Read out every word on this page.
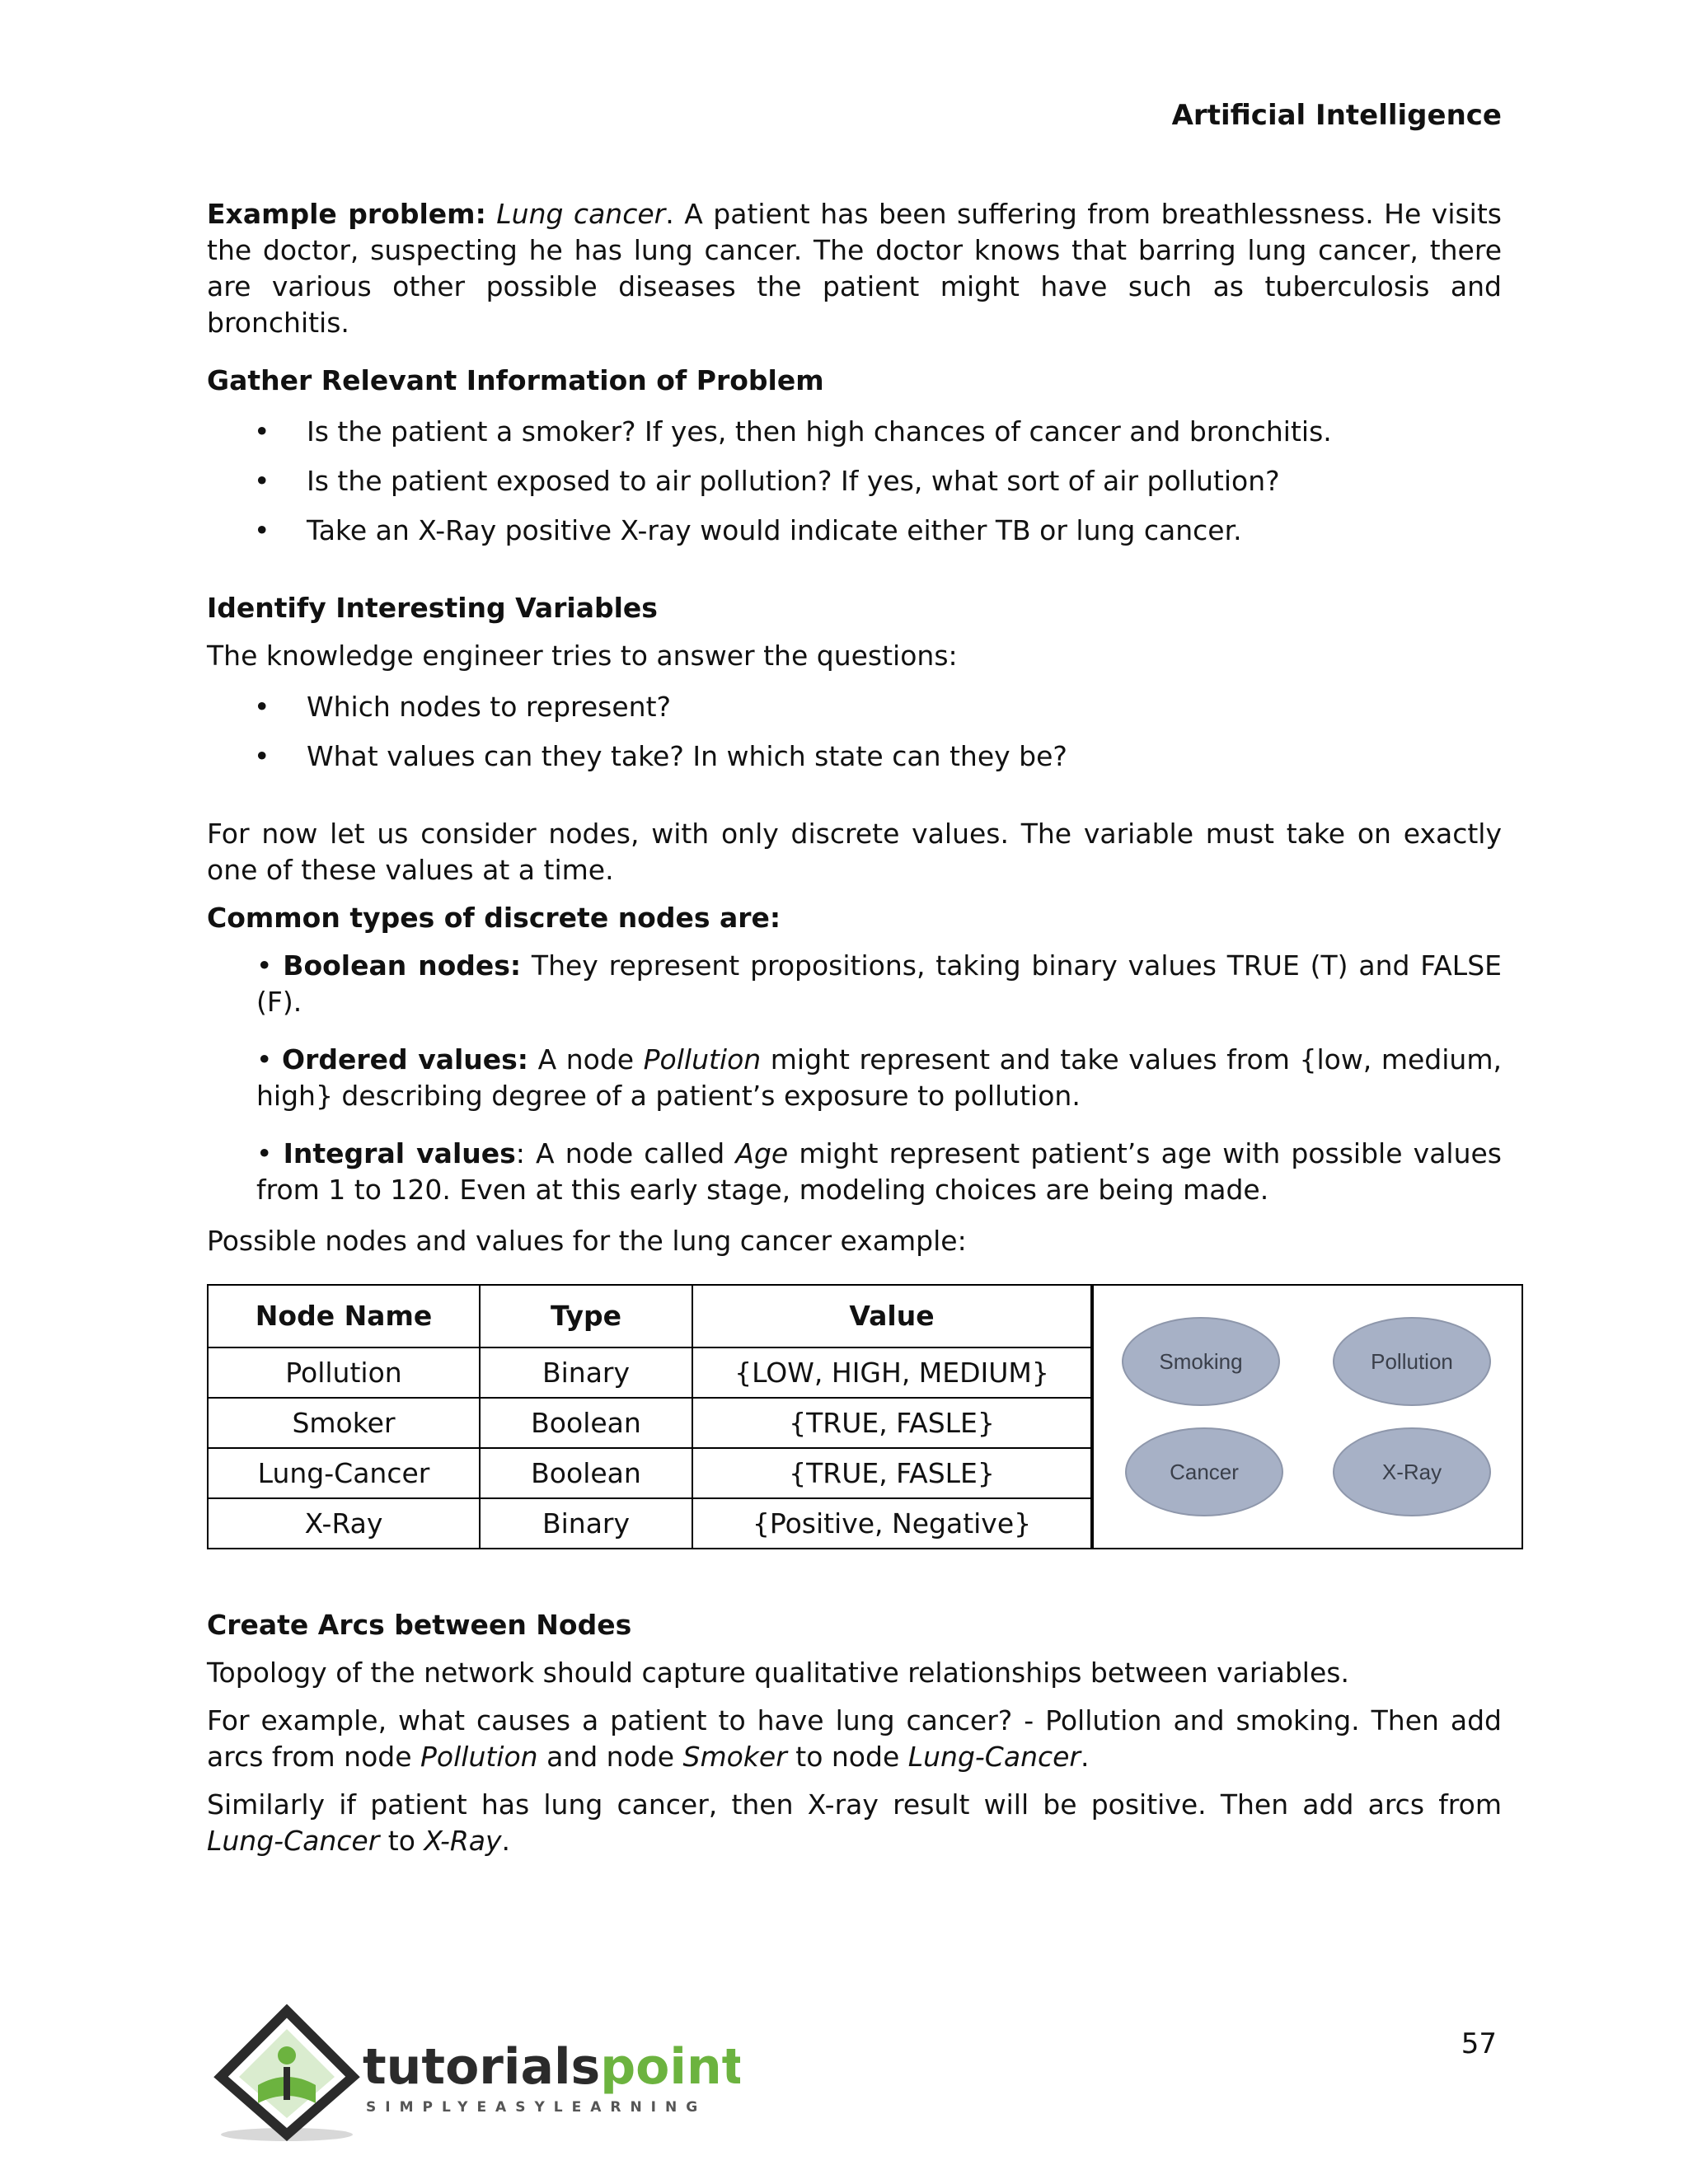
Artificial Intelligence

Example problem: Lung cancer. A patient has been suffering from breathlessness. He visits the doctor, suspecting he has lung cancer. The doctor knows that barring lung cancer, there are various other possible diseases the patient might have such as tuberculosis and bronchitis.

Gather Relevant Information of Problem
• Is the patient a smoker? If yes, then high chances of cancer and bronchitis.
• Is the patient exposed to air pollution? If yes, what sort of air pollution?
• Take an X-Ray positive X-ray would indicate either TB or lung cancer.
Identify Interesting Variables

The knowledge engineer tries to answer the questions:

• Which nodes to represent?
• What values can they take? In which state can they be?

For now let us consider nodes, with only discrete values. The variable must take on exactly one of these values at a time.

Common types of discrete nodes are:
• Boolean nodes: They represent propositions, taking binary values TRUE (T) and FALSE (F).
• Ordered values: A node Pollution might represent and take values from {low, medium, high} describing degree of a patient’s exposure to pollution.
• Integral values: A node called Age might represent patient’s age with possible values from 1 to 120. Even at this early stage, modeling choices are being made.

Possible nodes and values for the lung cancer example:

Node Name	Type	Value
Pollution	Binary	{LOW, HIGH, MEDIUM}
Smoker	Boolean	{TRUE, FASLE}
Lung-Cancer	Boolean	{TRUE, FASLE}
X-Ray	Binary	{Positive, Negative}
Smoking	Pollution
Cancer	X-Ray
Create Arcs between Nodes

Topology of the network should capture qualitative relationships between variables.

For example, what causes a patient to have lung cancer? - Pollution and smoking. Then add arcs from node Pollution and node Smoker to node Lung-Cancer.

Similarly if patient has lung cancer, then X-ray result will be positive. Then add arcs from Lung-Cancer to X-Ray.

tutorialspoint
SIMPLYEASYLEARNING
57
